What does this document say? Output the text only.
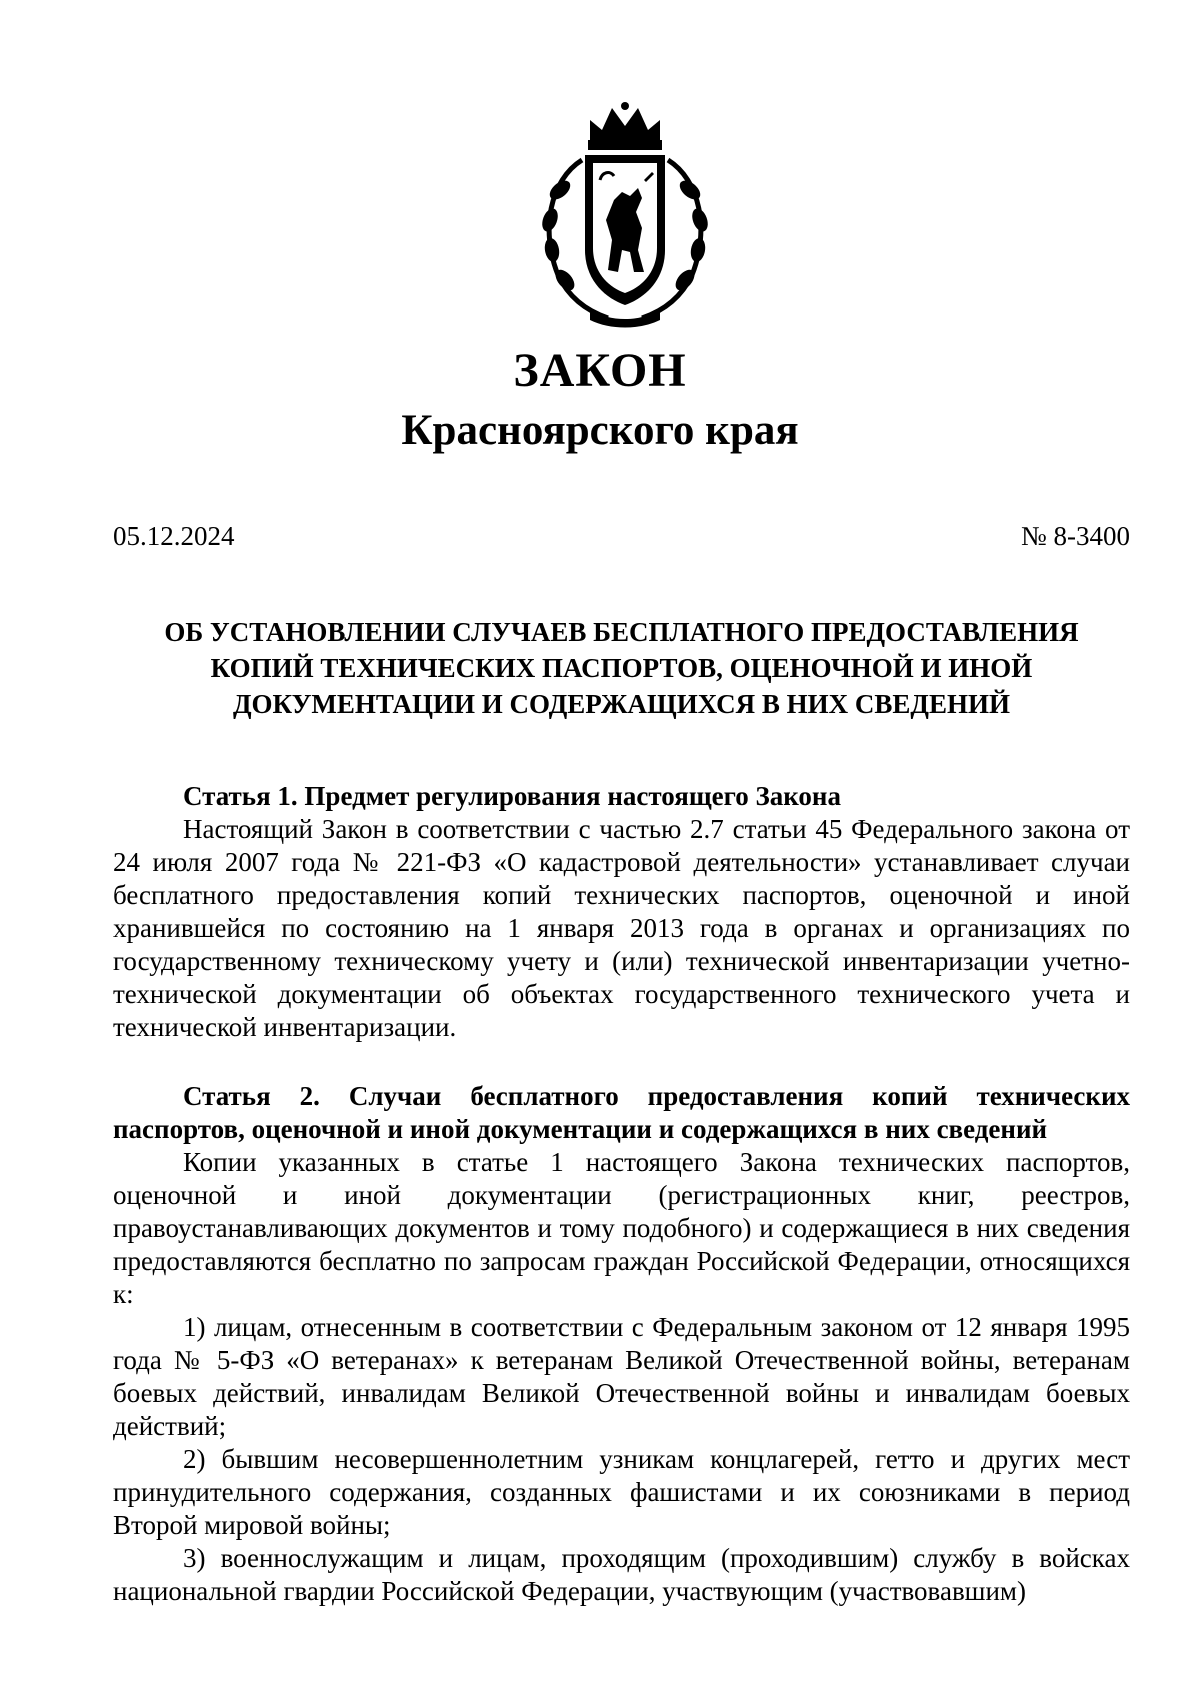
ЗАКОН
Красноярского края
05.12.2024	№ 8-3400
ОБ УСТАНОВЛЕНИИ СЛУЧАЕВ БЕСПЛАТНОГО ПРЕДОСТАВЛЕНИЯ КОПИЙ ТЕХНИЧЕСКИХ ПАСПОРТОВ, ОЦЕНОЧНОЙ И ИНОЙ ДОКУМЕНТАЦИИ И СОДЕРЖАЩИХСЯ В НИХ СВЕДЕНИЙ

Статья 1. Предмет регулирования настоящего Закона

Настоящий Закон в соответствии с частью 2.7 статьи 45 Федерального закона от 24 июля 2007 года № 221-ФЗ «О кадастровой деятельности» устанавливает случаи бесплатного предоставления копий технических паспортов, оценочной и иной хранившейся по состоянию на 1 января 2013 года в органах и организациях по государственному техническому учету и (или) технической инвентаризации учетно-технической документации об объектах государственного технического учета и технической инвентаризации.

Статья 2. Случаи бесплатного предоставления копий технических паспортов, оценочной и иной документации и содержащихся в них сведений

Копии указанных в статье 1 настоящего Закона технических паспортов, оценочной и иной документации (регистрационных книг, реестров, правоустанавливающих документов и тому подобного) и содержащиеся в них сведения предоставляются бесплатно по запросам граждан Российской Федерации, относящихся к:

1) лицам, отнесенным в соответствии с Федеральным законом от 12 января 1995 года № 5-ФЗ «О ветеранах» к ветеранам Великой Отечественной войны, ветеранам боевых действий, инвалидам Великой Отечественной войны и инвалидам боевых действий;

2) бывшим несовершеннолетним узникам концлагерей, гетто и других мест принудительного содержания, созданных фашистами и их союзниками в период Второй мировой войны;

3) военнослужащим и лицам, проходящим (проходившим) службу в войсках национальной гвардии Российской Федерации, участвующим (участвовавшим)
